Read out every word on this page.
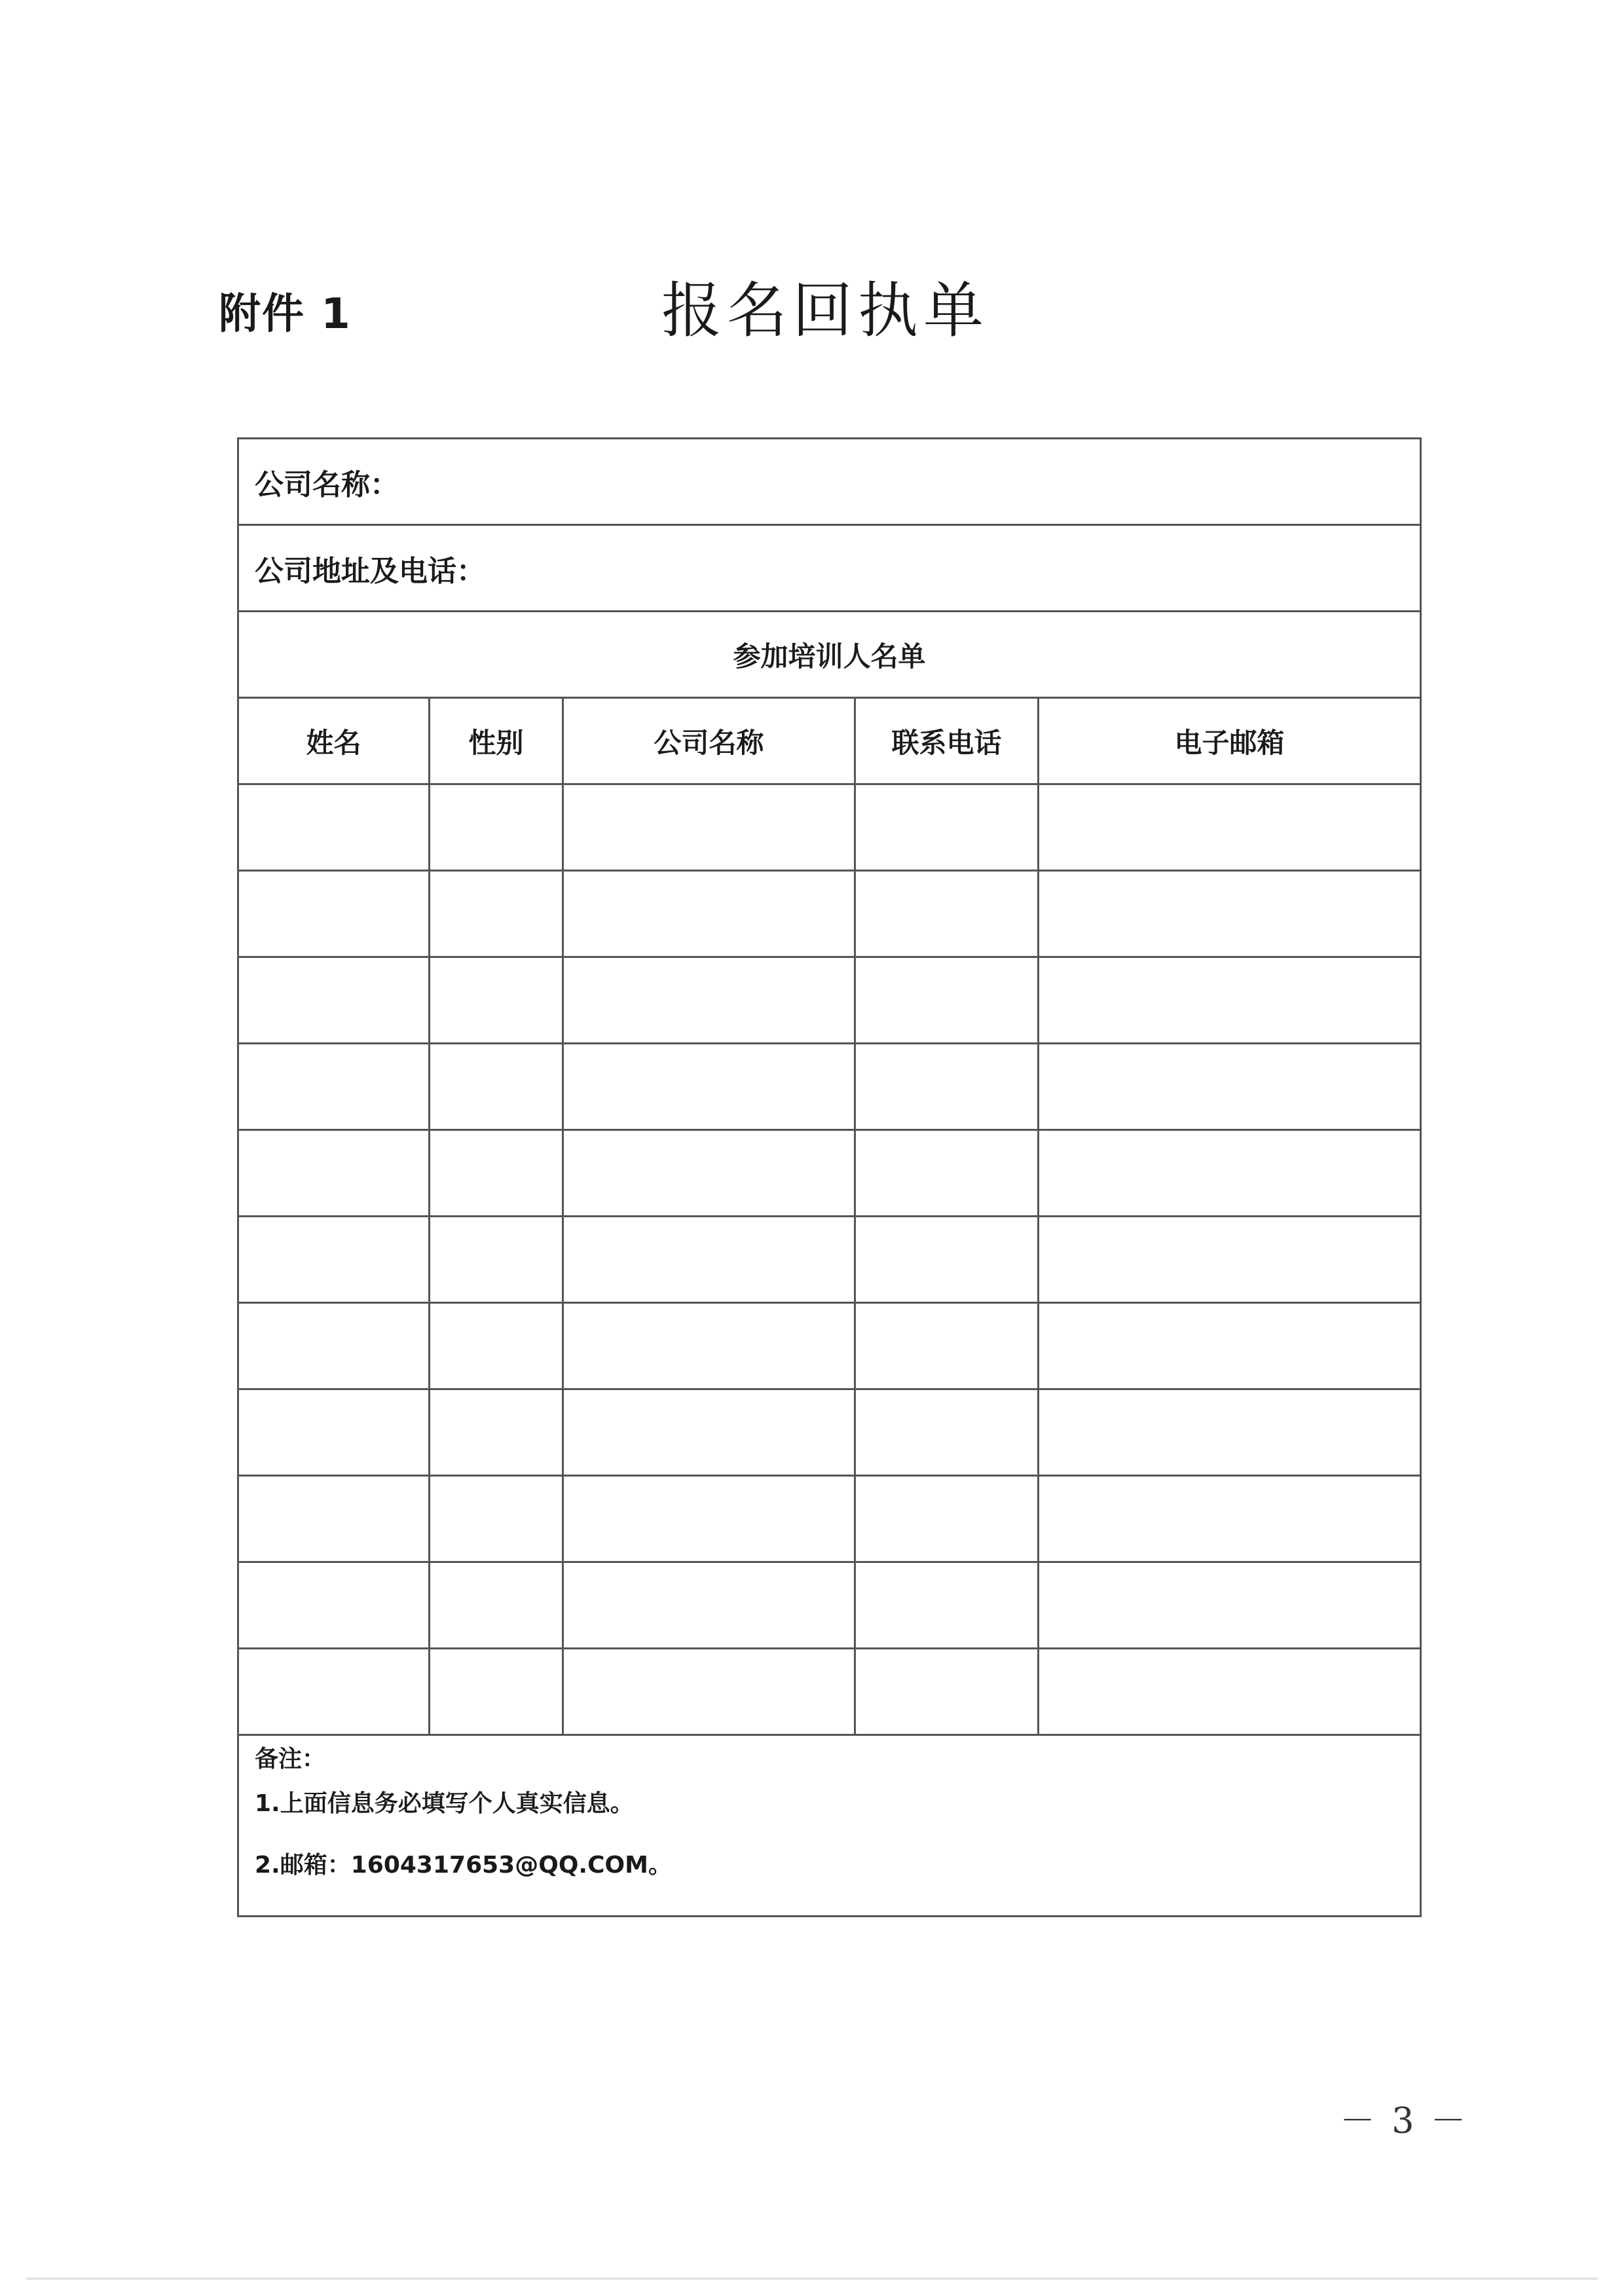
附件 1	报名回执单
公司名称：				
公司地址及电话：				
参加培训人名单				
姓名	性别	公司名称	联系电话	电子邮箱

备注：
1.上面信息务必填写个人真实信息。
2.邮箱：1604317653@QQ.COM。				
－ 3 －
